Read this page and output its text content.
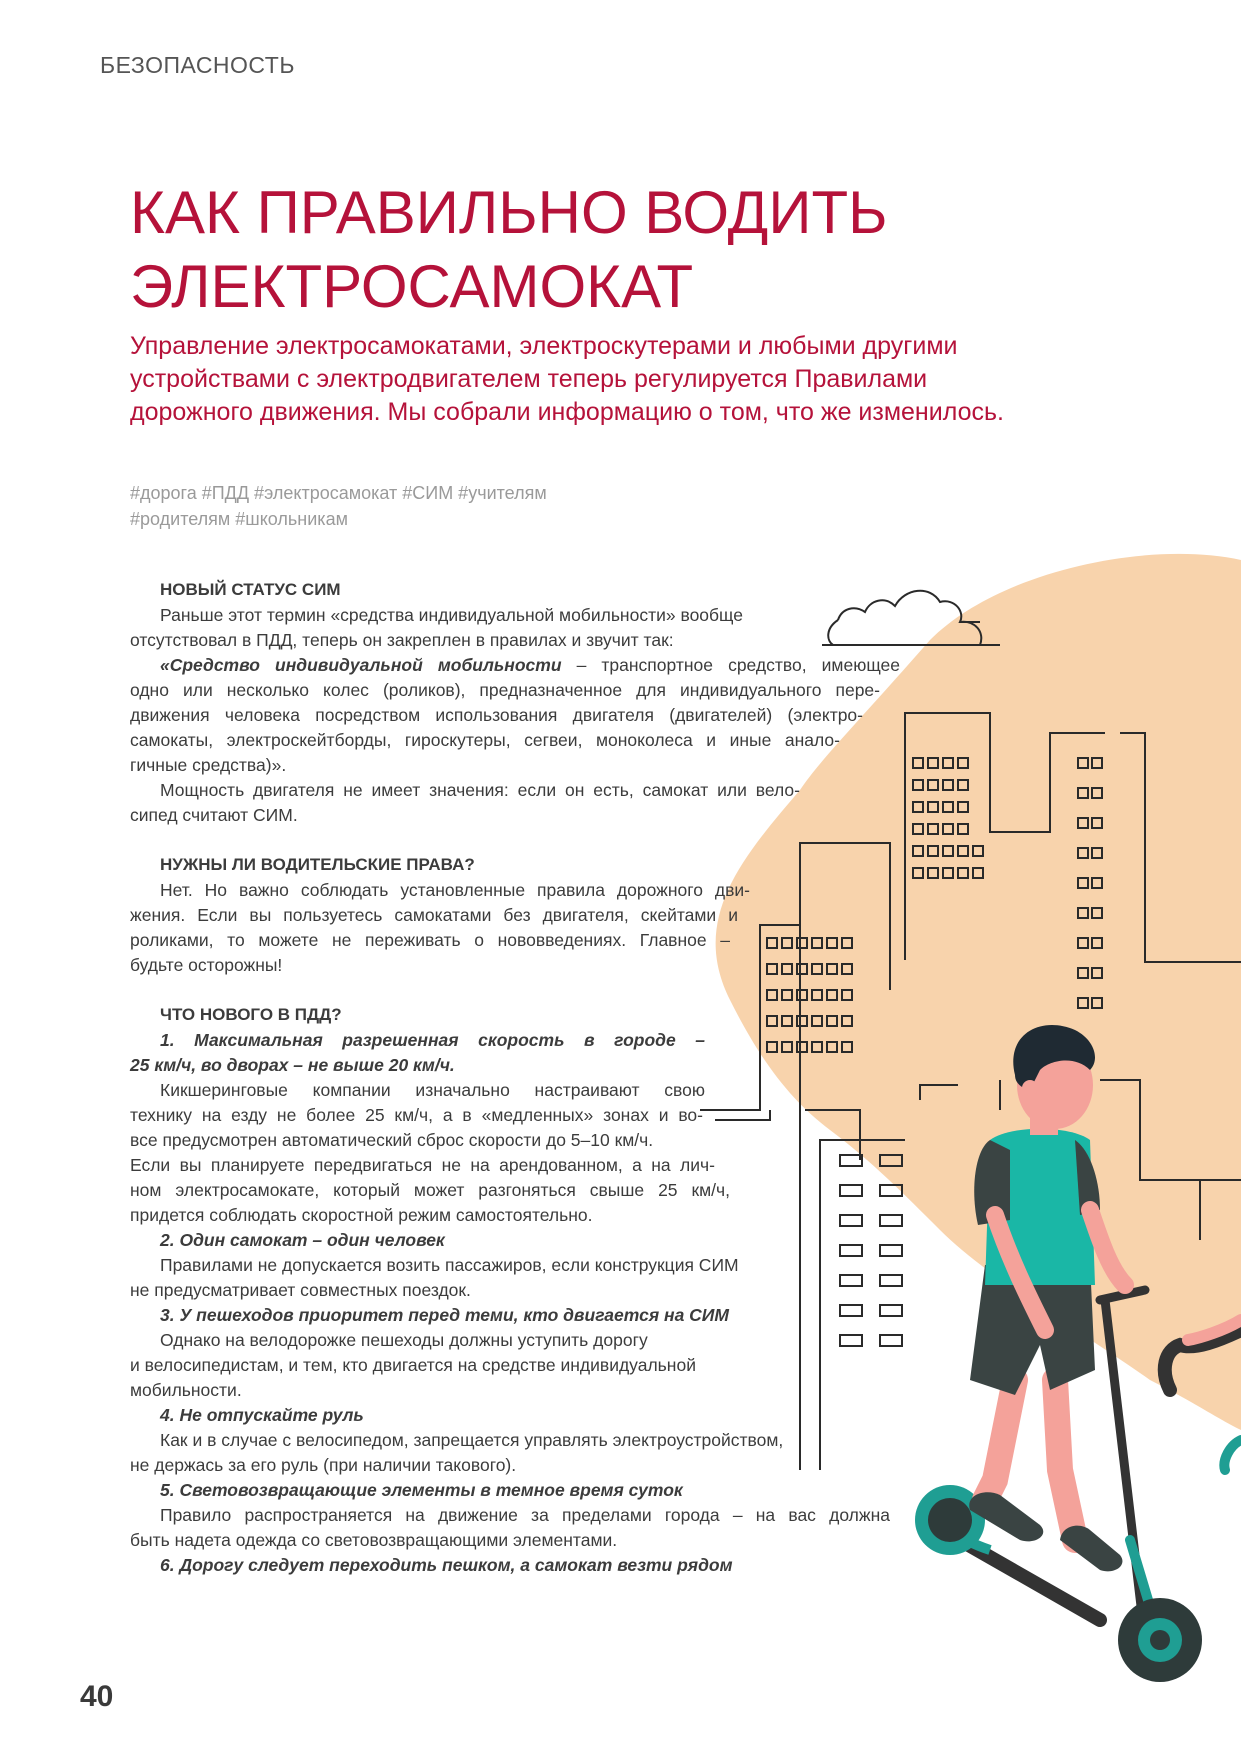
БЕЗОПАСНОСТЬ
КАК ПРАВИЛЬНО ВОДИТЬ
ЭЛЕКТРОСАМОКАТ
Управление электросамокатами, электроскутерами и любыми другими
устройствами с электродвигателем теперь регулируется Правилами
дорожного движения. Мы собрали информацию о том, что же изменилось.
#дорога #ПДД #электросамокат #СИМ #учителям
#родителям #школьникам
НОВЫЙ СТАТУС СИМ
Раньше этот термин «средства индивидуальной мобильности» вообще
отсутствовал в ПДД, теперь он закреплен в правилах и звучит так:
«Средство индивидуальной мобильности – транспортное средство, имеющее
одно или несколько колес (роликов), предназначенное для индивидуального пере-
движения человека посредством использования двигателя (двигателей) (электро-
самокаты, электроскейтборды, гироскутеры, сегвеи, моноколеса и иные анало-
гичные средства)».
Мощность двигателя не имеет значения: если он есть, самокат или вело-
сипед считают СИМ.
НУЖНЫ ЛИ ВОДИТЕЛЬСКИЕ ПРАВА?
Нет. Но важно соблюдать установленные правила дорожного дви-
жения. Если вы пользуетесь самокатами без двигателя, скейтами и
роликами, то можете не переживать о нововведениях. Главное –
будьте осторожны!
ЧТО НОВОГО В ПДД?
1. Максимальная разрешенная скорость в городе –
25 км/ч, во дворах – не выше 20 км/ч.
Кикшеринговые компании изначально настраивают свою
технику на езду не более 25 км/ч, а в «медленных» зонах и во-
все предусмотрен автоматический сброс скорости до 5–10 км/ч.
Если вы планируете передвигаться не на арендованном, а на лич-
ном электросамокате, который может разгоняться свыше 25 км/ч,
придется соблюдать скоростной режим самостоятельно.
2. Один самокат – один человек
Правилами не допускается возить пассажиров, если конструкция СИМ
не предусматривает совместных поездок.
3. У пешеходов приоритет перед теми, кто двигается на СИМ
Однако на велодорожке пешеходы должны уступить дорогу
и велосипедистам, и тем, кто двигается на средстве индивидуальной
мобильности.
4. Не отпускайте руль
Как и в случае с велосипедом, запрещается управлять электроустройством,
не держась за его руль (при наличии такового).
5. Световозвращающие элементы в темное время суток
Правило распространяется на движение за пределами города – на вас должна
быть надета одежда со световозвращающими элементами.
6. Дорогу следует переходить пешком, а самокат везти рядом
40
